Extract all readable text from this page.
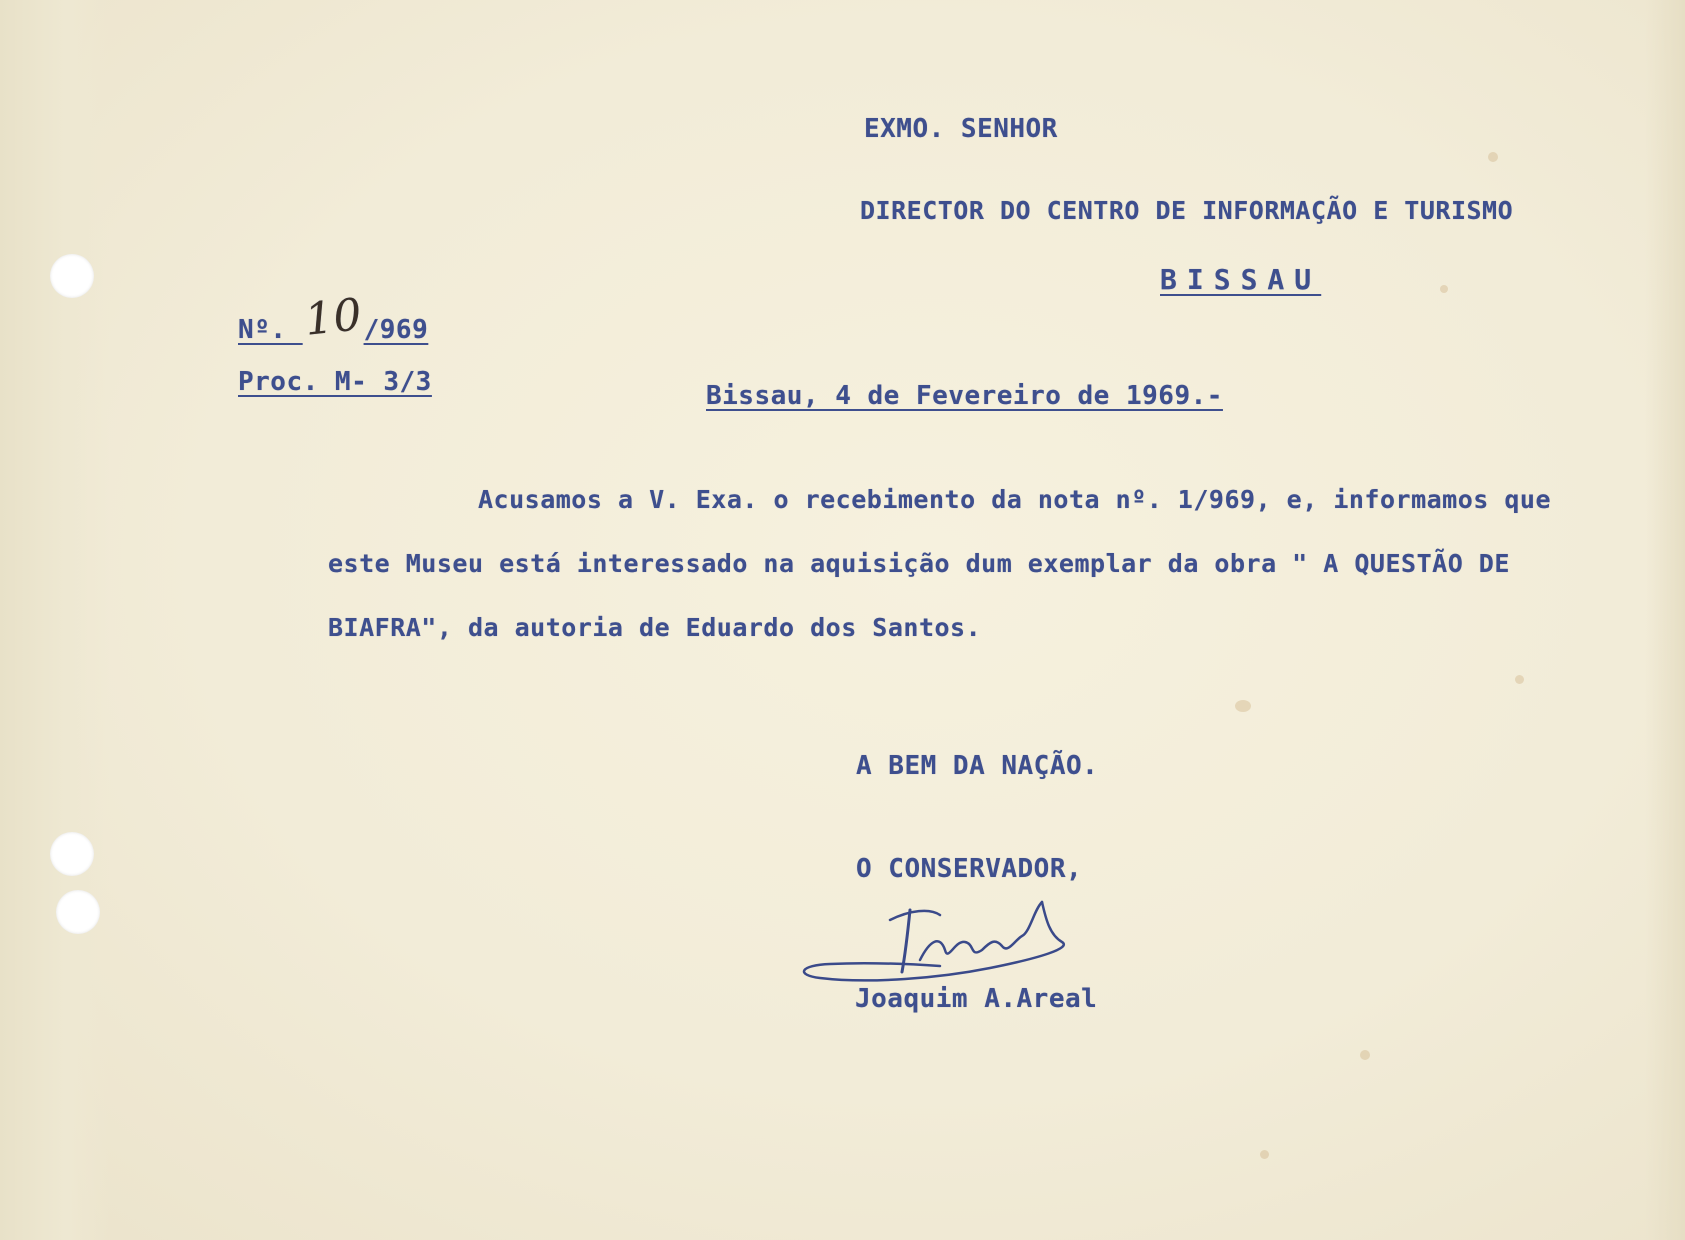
EXMO. SENHOR

DIRECTOR DO CENTRO DE INFORMAÇÃO E TURISMO

BISSAU

Nº. 10/969

Proc. M- 3/3	Bissau, 4 de Fevereiro de 1969.-

Acusamos a V. Exa. o recebimento da nota nº. 1/969, e, informamos que
este Museu está interessado na aquisição dum exemplar da obra " A QUESTÃO DE
BIAFRA", da autoria de Eduardo dos Santos.

A BEM DA NAÇÃO.

O CONSERVADOR,

Joaquim A.Areal
